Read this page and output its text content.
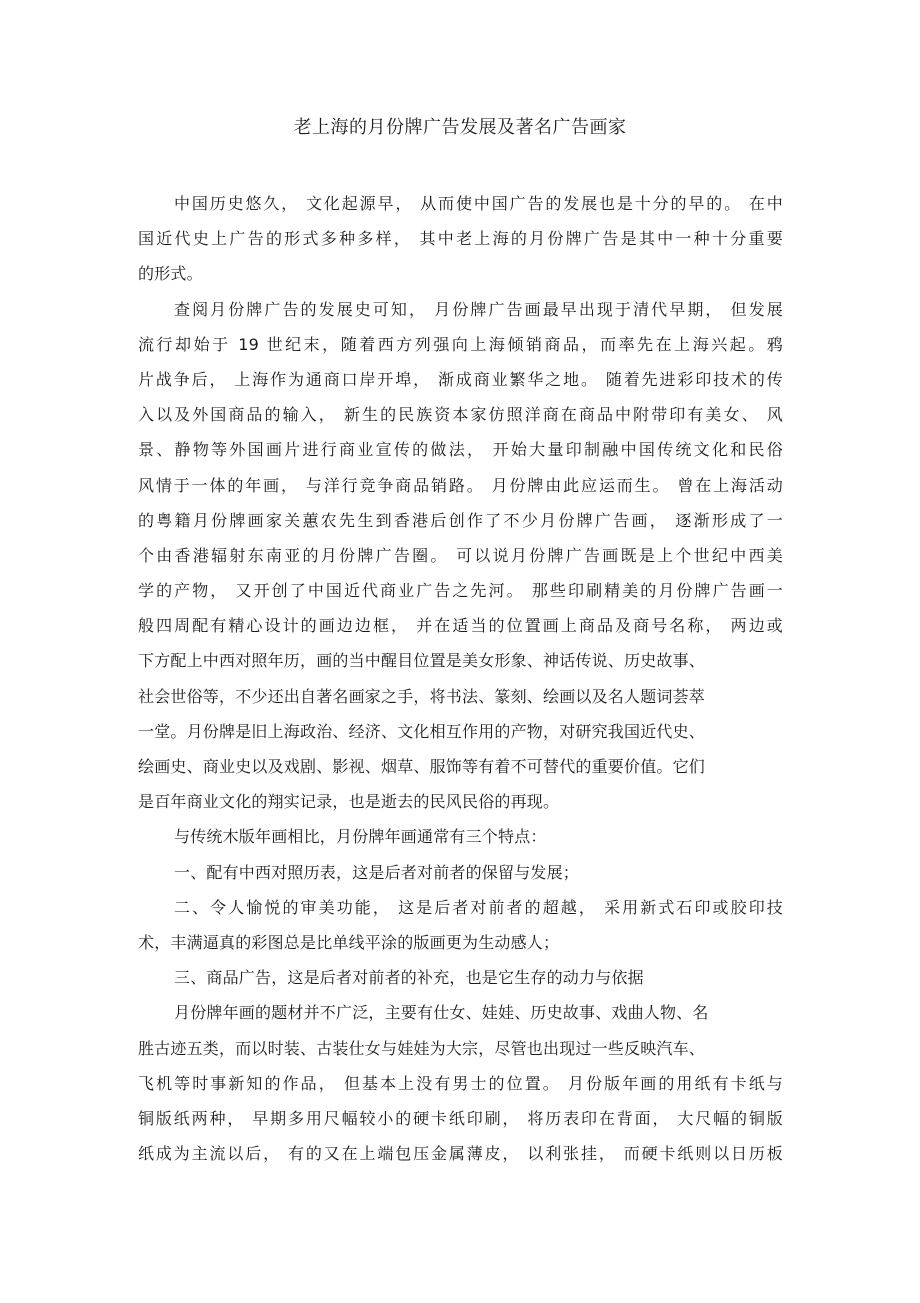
老上海的月份牌广告发展及著名广告画家
中国历史悠久， 文化起源早， 从而使中国广告的发展也是十分的早的。 在中
国近代史上广告的形式多种多样， 其中老上海的月份牌广告是其中一种十分重要
的形式。
查阅月份牌广告的发展史可知， 月份牌广告画最早出现于清代早期， 但发展
流行却始于 19 世纪末，随着西方列强向上海倾销商品，而率先在上海兴起。鸦
片战争后， 上海作为通商口岸开埠， 渐成商业繁华之地。 随着先进彩印技术的传
入以及外国商品的输入， 新生的民族资本家仿照洋商在商品中附带印有美女、 风
景、静物等外国画片进行商业宣传的做法， 开始大量印制融中国传统文化和民俗
风情于一体的年画， 与洋行竞争商品销路。 月份牌由此应运而生。 曾在上海活动
的粤籍月份牌画家关蕙农先生到香港后创作了不少月份牌广告画， 逐渐形成了一
个由香港辐射东南亚的月份牌广告圈。 可以说月份牌广告画既是上个世纪中西美
学的产物， 又开创了中国近代商业广告之先河。 那些印刷精美的月份牌广告画一
般四周配有精心设计的画边边框， 并在适当的位置画上商品及商号名称， 两边或
下方配上中西对照年历，画的当中醒目位置是美女形象、神话传说、历史故事、
社会世俗等，不少还出自著名画家之手，将书法、篆刻、绘画以及名人题词荟萃
一堂。月份牌是旧上海政治、经济、文化相互作用的产物，对研究我国近代史、
绘画史、商业史以及戏剧、影视、烟草、服饰等有着不可替代的重要价值。它们
是百年商业文化的翔实记录，也是逝去的民风民俗的再现。
与传统木版年画相比，月份牌年画通常有三个特点：
一、配有中西对照历表，这是后者对前者的保留与发展；
二、令人愉悦的审美功能， 这是后者对前者的超越， 采用新式石印或胶印技
术，丰满逼真的彩图总是比单线平涂的版画更为生动感人；
三、商品广告，这是后者对前者的补充，也是它生存的动力与依据
月份牌年画的题材并不广泛，主要有仕女、娃娃、历史故事、戏曲人物、名
胜古迹五类，而以时装、古装仕女与娃娃为大宗，尽管也出现过一些反映汽车、
飞机等时事新知的作品， 但基本上没有男士的位置。 月份版年画的用纸有卡纸与
铜版纸两种， 早期多用尺幅较小的硬卡纸印刷， 将历表印在背面， 大尺幅的铜版
纸成为主流以后， 有的又在上端包压金属薄皮， 以利张挂， 而硬卡纸则以日历板
